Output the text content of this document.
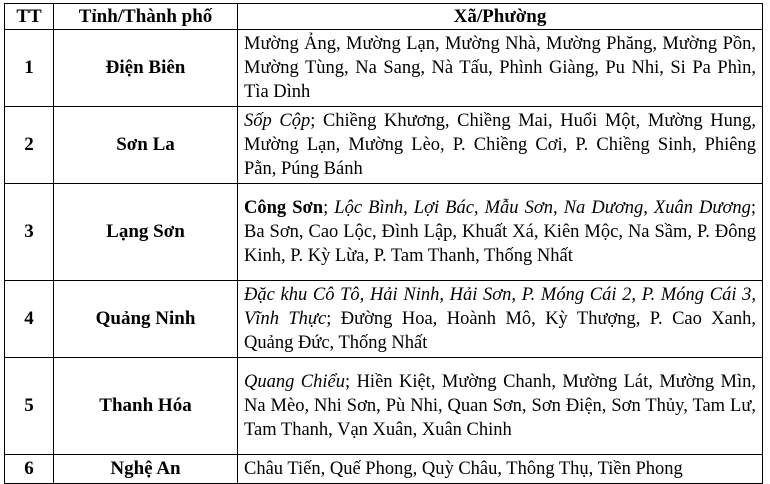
TT	Tỉnh/Thành phố	Xã/Phường
1	Điện Biên	Mường Ảng, Mường Lạn, Mường Nhà, Mường Phăng, Mường Pồn, Mường Tùng, Na Sang, Nà Tấu, Phình Giàng, Pu Nhi, Si Pa Phìn, Tìa Dình
2	Sơn La	Sốp Cộp; Chiềng Khương, Chiềng Mai, Huổi Một, Mường Hung, Mường Lạn, Mường Lèo, P. Chiềng Cơi, P. Chiềng Sinh, Phiêng Pằn, Púng Bánh
3	Lạng Sơn	Công Sơn; Lộc Bình, Lợi Bác, Mẫu Sơn, Na Dương, Xuân Dương; Ba Sơn, Cao Lộc, Đình Lập, Khuất Xá, Kiên Mộc, Na Sầm, P. Đông Kinh, P. Kỳ Lừa, P. Tam Thanh, Thống Nhất
4	Quảng Ninh	Đặc khu Cô Tô, Hải Ninh, Hải Sơn, P. Móng Cái 2, P. Móng Cái 3, Vĩnh Thực; Đường Hoa, Hoành Mô, Kỳ Thượng, P. Cao Xanh, Quảng Đức, Thống Nhất
5	Thanh Hóa	Quang Chiểu; Hiền Kiệt, Mường Chanh, Mường Lát, Mường Mìn, Na Mèo, Nhi Sơn, Pù Nhi, Quan Sơn, Sơn Điện, Sơn Thủy, Tam Lư, Tam Thanh, Vạn Xuân, Xuân Chinh
6	Nghệ An	Châu Tiến, Quế Phong, Quỳ Châu, Thông Thụ, Tiền Phong
